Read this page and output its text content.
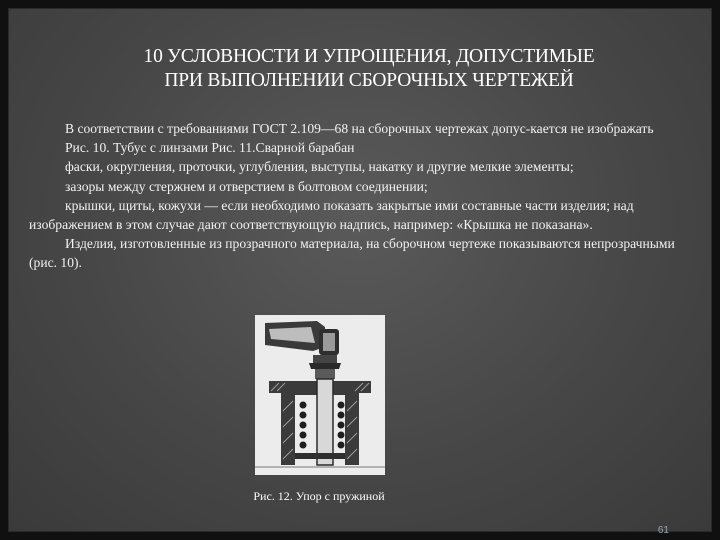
10 УСЛОВНОСТИ И УПРОЩЕНИЯ, ДОПУСТИМЫЕ
ПРИ ВЫПОЛНЕНИИ СБОРОЧНЫХ ЧЕРТЕЖЕЙ

В соответствии с требованиями ГОСТ 2.109—68 на сборочных чертежах допус-кается не изображать

Рис. 10. Тубус с линзами Рис. 11.Сварной барабан

фаски, округления, проточки, углубления, выступы, накатку и другие мелкие элементы;

зазоры между стержнем и отверстием в болтовом соединении;

крышки, щиты, кожухи — если необходимо показать закрытые ими составные части изделия; над изображением в этом случае дают соответствующую надпись, например: «Крышка не показана».

Изделия, изготовленные из прозрачного материала, на сборочном чертеже показываются непрозрачными (рис. 10).

Рис. 12. Упор с пружиной
61
